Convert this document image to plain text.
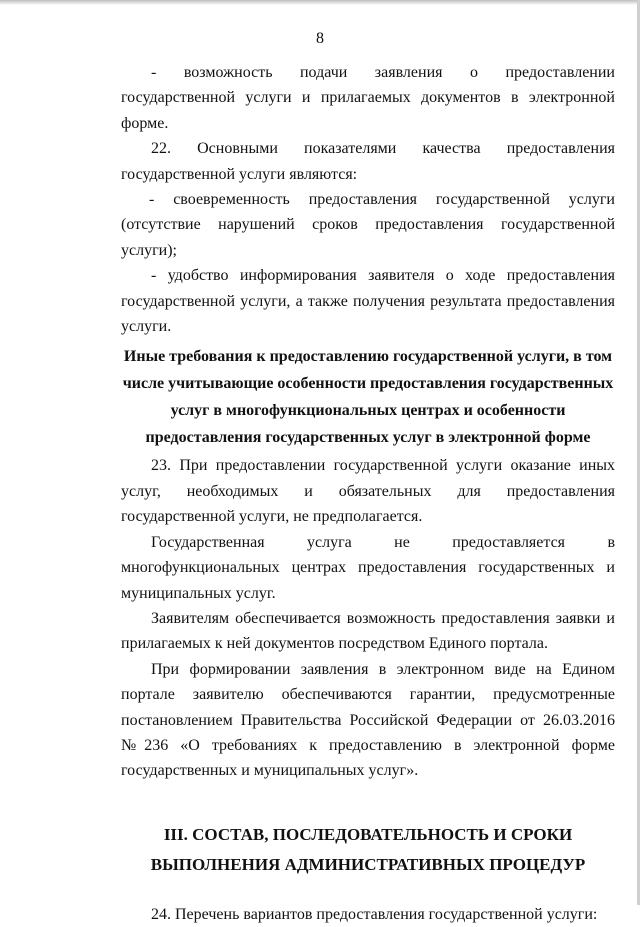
8

- возможность подачи заявления о предоставлении государственной услуги и прилагаемых документов в электронной форме.

22. Основными показателями качества предоставления государственной услуги являются:

- своевременность предоставления государственной услуги (отсутствие нарушений сроков предоставления государственной услуги);

- удобство информирования заявителя о ходе предоставления государственной услуги, а также получения результата предоставления услуги.

Иные требования к предоставлению государственной услуги, в том числе учитывающие особенности предоставления государственных услуг в многофункциональных центрах и особенности предоставления государственных услуг в электронной форме

23. При предоставлении государственной услуги оказание иных услуг, необходимых и обязательных для предоставления государственной услуги, не предполагается.

Государственная услуга не предоставляется в многофункциональных центрах предоставления государственных и муниципальных услуг.

Заявителям обеспечивается возможность предоставления заявки и прилагаемых к ней документов посредством Единого портала.

При формировании заявления в электронном виде на Едином портале заявителю обеспечиваются гарантии, предусмотренные постановлением Правительства Российской Федерации от 26.03.2016 №236 «О требованиях к предоставлению в электронной форме государственных и муниципальных услуг».

III. СОСТАВ, ПОСЛЕДОВАТЕЛЬНОСТЬ И СРОКИ ВЫПОЛНЕНИЯ АДМИНИСТРАТИВНЫХ ПРОЦЕДУР

24. Перечень вариантов предоставления государственной услуги:
